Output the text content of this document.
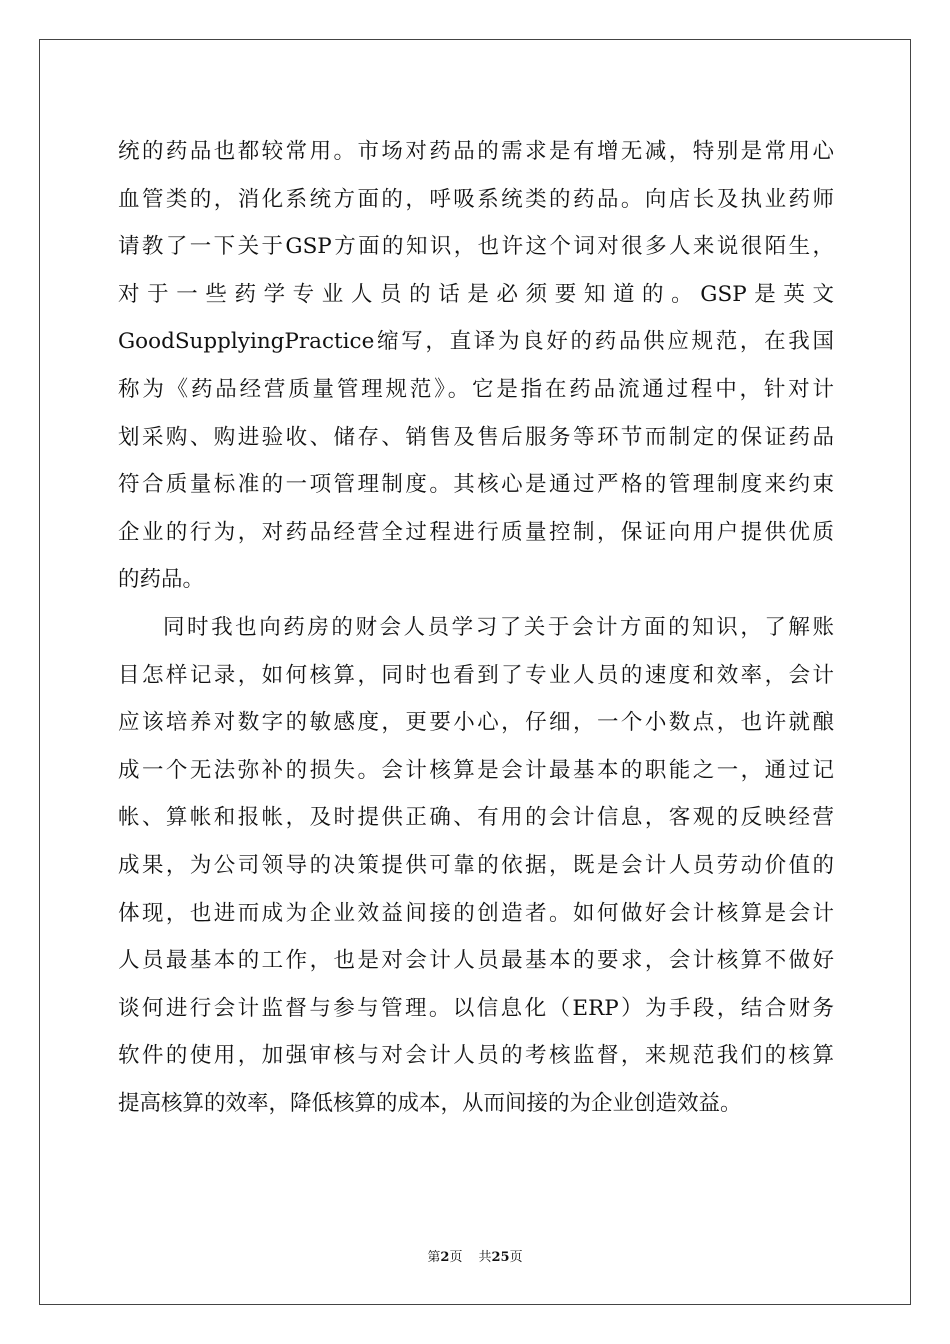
统的药品也都较常用。市场对药品的需求是有增无减，特别是常用心
血管类的，消化系统方面的，呼吸系统类的药品。向店长及执业药师
请教了一下关于GSP方面的知识，也许这个词对很多人来说很陌生，
对于一些药学专业人员的话是必须要知道的。GSP是英文
GoodSupplyingPractice缩写，直译为良好的药品供应规范，在我国
称为《药品经营质量管理规范》。它是指在药品流通过程中，针对计
划采购、购进验收、储存、销售及售后服务等环节而制定的保证药品
符合质量标准的一项管理制度。其核心是通过严格的管理制度来约束
企业的行为，对药品经营全过程进行质量控制，保证向用户提供优质
的药品。
同时我也向药房的财会人员学习了关于会计方面的知识，了解账
目怎样记录，如何核算，同时也看到了专业人员的速度和效率，会计
应该培养对数字的敏感度，更要小心，仔细，一个小数点，也许就酿
成一个无法弥补的损失。会计核算是会计最基本的职能之一，通过记
帐、算帐和报帐，及时提供正确、有用的会计信息，客观的反映经营
成果，为公司领导的决策提供可靠的依据，既是会计人员劳动价值的
体现，也进而成为企业效益间接的创造者。如何做好会计核算是会计
人员最基本的工作，也是对会计人员最基本的要求，会计核算不做好
谈何进行会计监督与参与管理。以信息化（ERP）为手段，结合财务
软件的使用，加强审核与对会计人员的考核监督，来规范我们的核算
提高核算的效率，降低核算的成本，从而间接的为企业创造效益。
第2页 共25页
